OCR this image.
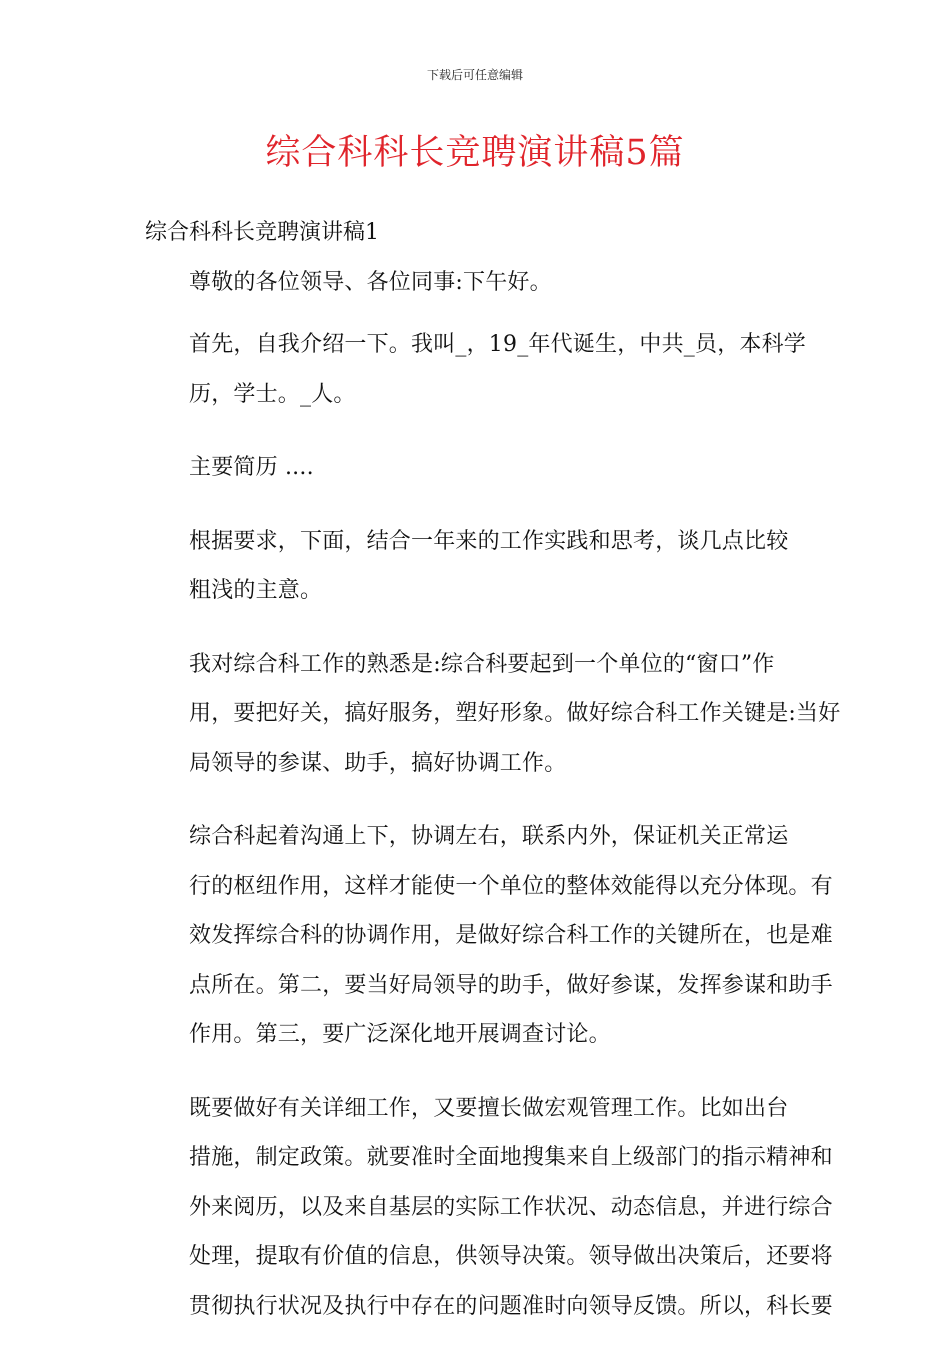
下载后可任意编辑
综合科科长竞聘演讲稿5篇
综合科科长竞聘演讲稿1

尊敬的各位领导、各位同事:下午好。

首先，自我介绍一下。我叫_，19_年代诞生，中共_员，本科学
历，学士。_人。

主要简历 ....

根据要求，下面，结合一年来的工作实践和思考，谈几点比较
粗浅的主意。

我对综合科工作的熟悉是:综合科要起到一个单位的“窗口”作
用，要把好关，搞好服务，塑好形象。做好综合科工作关键是:当好
局领导的参谋、助手，搞好协调工作。

综合科起着沟通上下，协调左右，联系内外，保证机关正常运
行的枢纽作用，这样才能使一个单位的整体效能得以充分体现。有
效发挥综合科的协调作用，是做好综合科工作的关键所在，也是难
点所在。第二，要当好局领导的助手，做好参谋，发挥参谋和助手
作用。第三，要广泛深化地开展调查讨论。

既要做好有关详细工作，又要擅长做宏观管理工作。比如出台
措施，制定政策。就要准时全面地搜集来自上级部门的指示精神和
外来阅历，以及来自基层的实际工作状况、动态信息，并进行综合
处理，提取有价值的信息，供领导决策。领导做出决策后，还要将
贯彻执行状况及执行中存在的问题准时向领导反馈。所以，科长要
